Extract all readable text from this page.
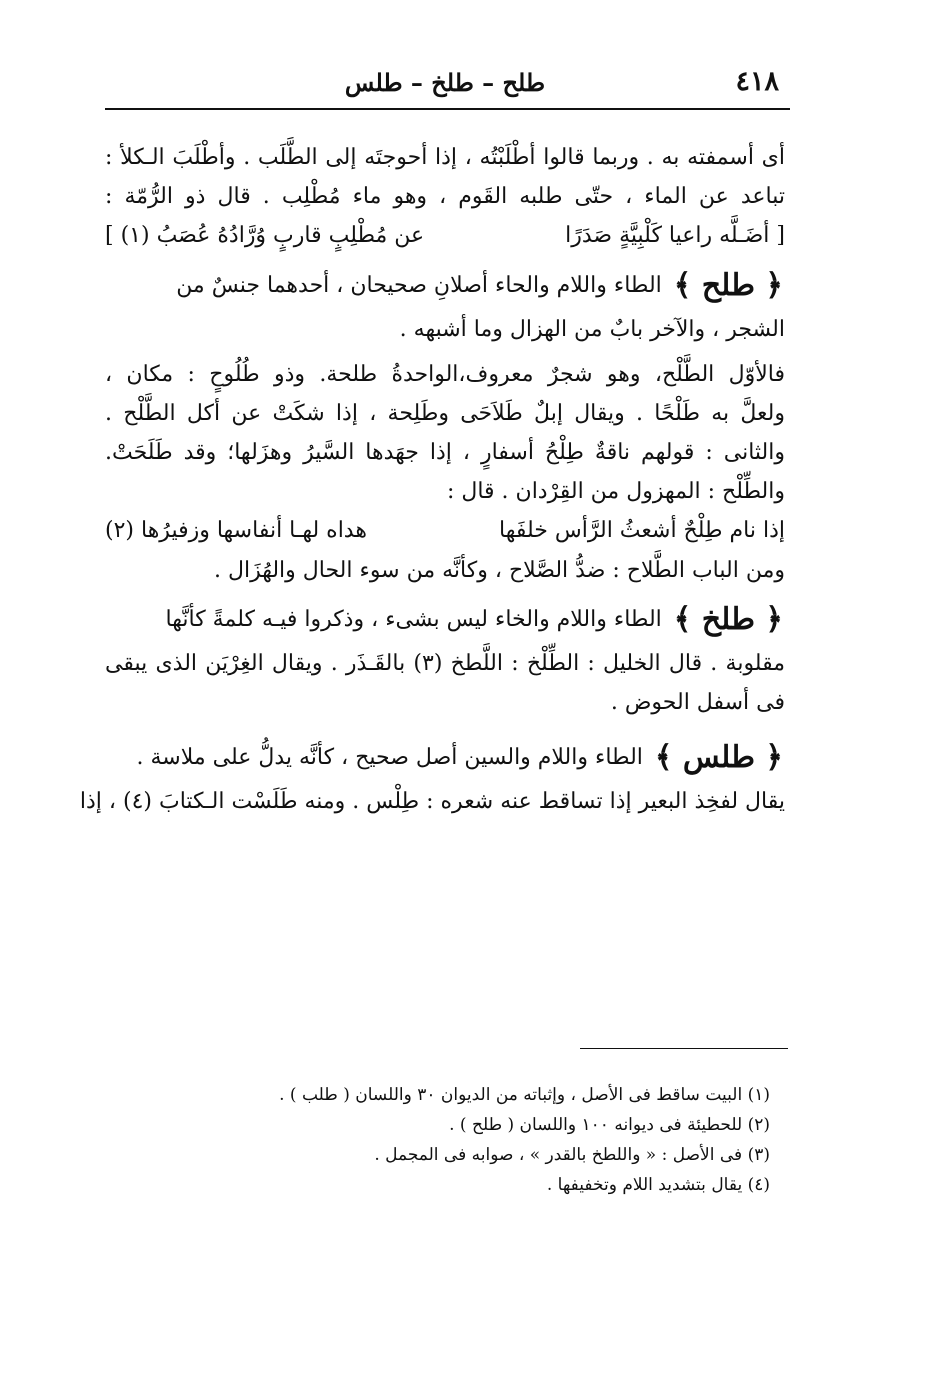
٤١٨
طلح – طلخ – طلس
أى أسمفته به . وربما قالوا أطْلَبْتُه ، إذا أحوجتَه إلى الطَّلَب . وأطْلَبَ الـكلأ :
تباعد عن الماء ، حتّى طلبه القَوم ، وهو ماء مُطْلِب . قال ذو الرُّمّة :
[ أضَـلَّه راعيا كَلْبِيَّةٍ صَدَرًا
عن مُطْلِبٍ قاربٍ وُرَّادُهُ عُصَبُ (١) ]
﴿ طلح ﴾
الطاء واللام والحاء أصلانِ صحيحان ، أحدهما جنسٌ من
الشجر ، والآخر بابٌ من الهزال وما أشبهه .
فالأوّل الطَّلْح، وهو شجرٌ معروف،الواحدةُ طلحة. وذو طُلُوحٍ : مكان ،
ولعلَّ به طَلْحًا . ويقال إبلٌ طَلاَحَى وطَلِحة ، إذا شكَتْ عن أكل الطَّلْح .
والثانى : قولهم ناقةٌ طِلْحُ أسفارٍ ، إذا جهَدها السَّيرُ وهزَلها؛ وقد طَلَحَتْ.
والطِّلْح : المهزول من القِرْدان . قال :
إذا نام طِلْحٌ أشعثُ الرَّأس خلفَها
هداه لهـا أنفاسها وزفيرُها (٢)
ومن الباب الطَّلاح : ضدُّ الصَّلاح ، وكأنَّه من سوء الحال والهُزَال .
﴿ طلخ ﴾
الطاء واللام والخاء ليس بشىء ، وذكروا فيـه كلمةً كأنَّها
مقلوبة . قال الخليل : الطِّلْخ : اللَّطخ (٣) بالقَـذَر . ويقال الغِرْيَن الذى يبقى
فى أسفل الحوض .
﴿ طلس ﴾
الطاء واللام والسين أصل صحيح ، كأنَّه يدلُّ على ملاسة .
يقال لفخِذ البعير إذا تساقط عنه شعره : طِلْس . ومنه طَلَسْت الـكتابَ (٤) ، إذا
(١) البيت ساقط فى الأصل ، وإثباته من الديوان ٣٠ واللسان ( طلب ) .
(٢) للحطيئة فى ديوانه ١٠٠ واللسان ( طلح ) .
(٣) فى الأصل : « واللطخ بالقدر » ، صوابه فى المجمل .
(٤) يقال بتشديد اللام وتخفيفها .
